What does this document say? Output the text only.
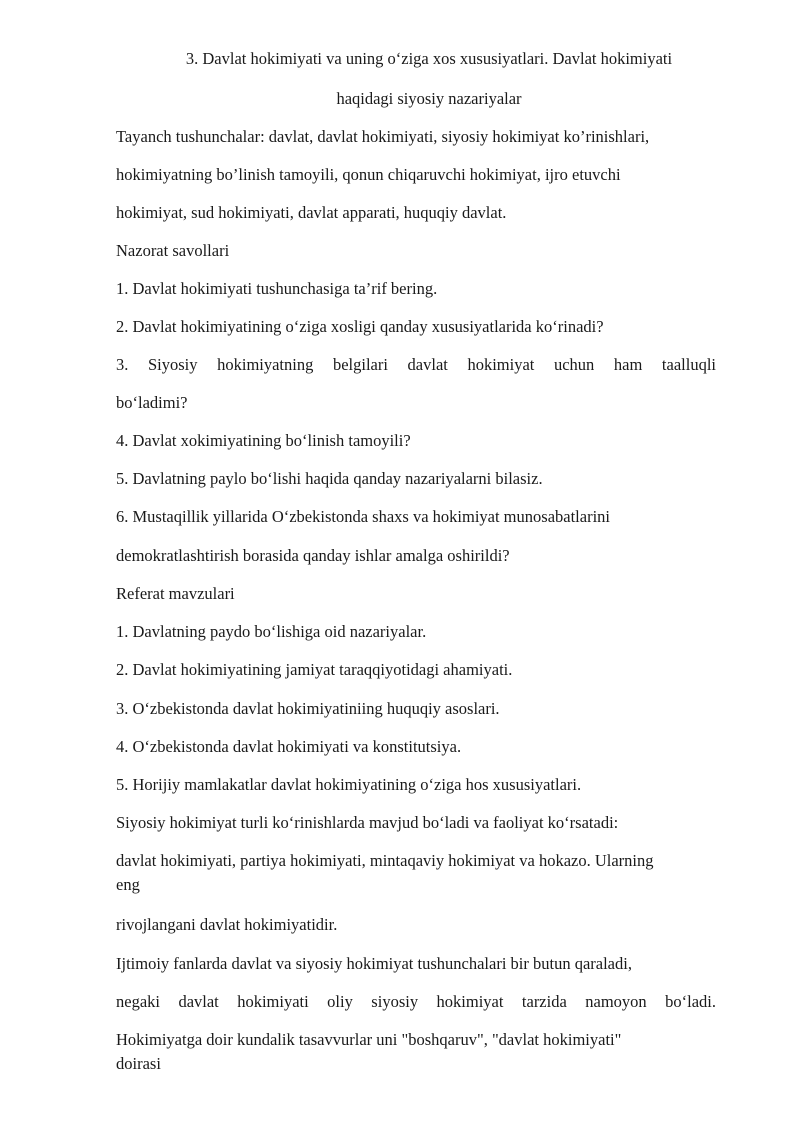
3. Davlat hokimiyati va uning o‘ziga xos xususiyatlari. Davlat hokimiyati
haqidagi siyosiy nazariyalar
Tayanch tushunchalar: davlat, davlat hokimiyati, siyosiy hokimiyat ko’rinishlari,
hokimiyatning bo’linish tamoyili, qonun chiqaruvchi hokimiyat, ijro etuvchi
hokimiyat, sud hokimiyati, davlat apparati, huquqiy davlat.
Nazorat savollari
1. Davlat hokimiyati tushunchasiga ta’rif bering.
2. Davlat hokimiyatining o‘ziga xosligi qanday xususiyatlarida ko‘rinadi?
3. Siyosiy hokimiyatning belgilari davlat hokimiyat uchun ham taalluqli
bo‘ladimi?
4. Davlat xokimiyatining bo‘linish tamoyili?
5. Davlatning paylo bo‘lishi haqida qanday nazariyalarni bilasiz.
6. Mustaqillik yillarida O‘zbekistonda shaxs va hokimiyat munosabatlarini
demokratlashtirish borasida qanday ishlar amalga oshirildi?
Referat mavzulari
1. Davlatning paydo bo‘lishiga oid nazariyalar.
2. Davlat hokimiyatining jamiyat taraqqiyotidagi ahamiyati.
3. O‘zbekistonda davlat hokimiyatiniing huquqiy asoslari.
4. O‘zbekistonda davlat hokimiyati va konstitutsiya.
5. Horijiy mamlakatlar davlat hokimiyatining o‘ziga hos xususiyatlari.
Siyosiy hokimiyat turli ko‘rinishlarda mavjud bo‘ladi va faoliyat ko‘rsatadi:
davlat hokimiyati, partiya hokimiyati, mintaqaviy hokimiyat va hokazo. Ularning
eng
rivojlangani davlat hokimiyatidir.
Ijtimoiy fanlarda davlat va siyosiy hokimiyat tushunchalari bir butun qaraladi,
negaki davlat hokimiyati oliy siyosiy hokimiyat tarzida namoyon bo‘ladi.
Hokimiyatga doir kundalik tasavvurlar uni "boshqaruv", "davlat hokimiyati"
doirasi
